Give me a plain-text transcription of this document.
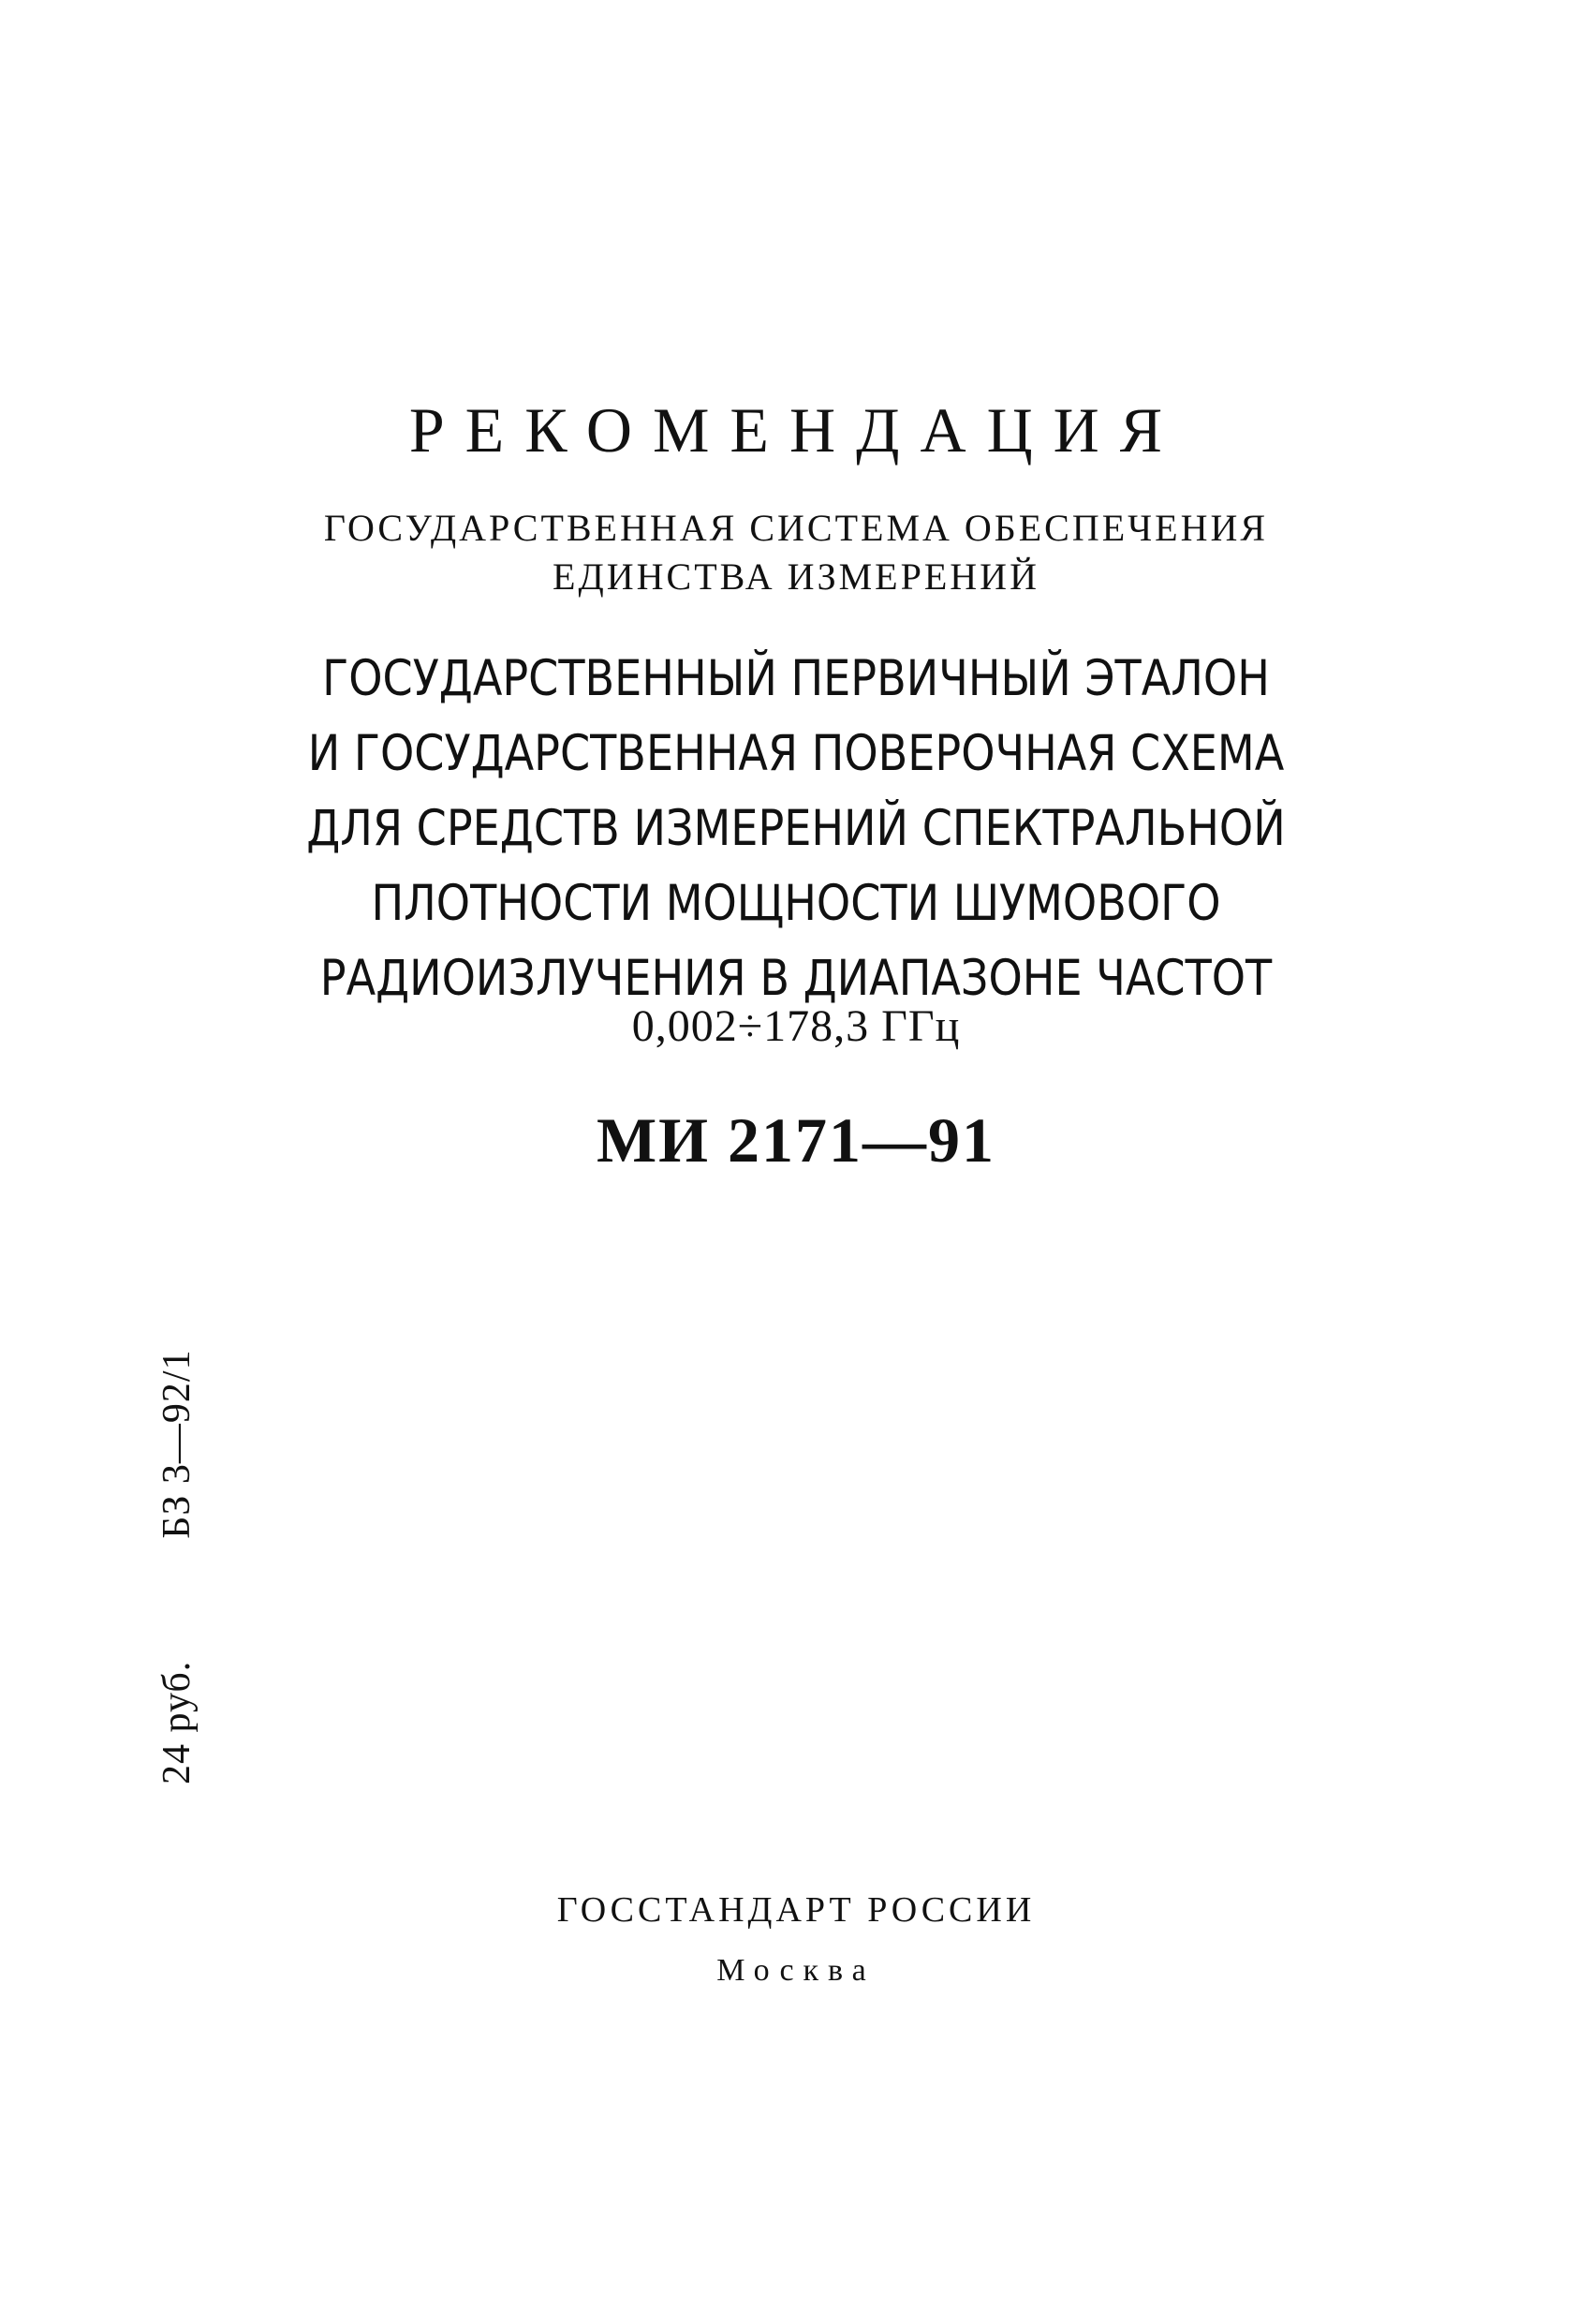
РЕКОМЕНДАЦИЯ
ГОСУДАРСТВЕННАЯ СИСТЕМА ОБЕСПЕЧЕНИЯ
ЕДИНСТВА ИЗМЕРЕНИЙ
ГОСУДАРСТВЕННЫЙ ПЕРВИЧНЫЙ ЭТАЛОН
И ГОСУДАРСТВЕННАЯ ПОВЕРОЧНАЯ СХЕМА
ДЛЯ СРЕДСТВ ИЗМЕРЕНИЙ СПЕКТРАЛЬНОЙ
ПЛОТНОСТИ МОЩНОСТИ ШУМОВОГО
РАДИОИЗЛУЧЕНИЯ В ДИАПАЗОНЕ ЧАСТОТ
0,002÷178,3 ГГц
МИ 2171—91
24 руб.БЗ 3—92/1
ГОССТАНДАРТ РОССИИ
Москва
